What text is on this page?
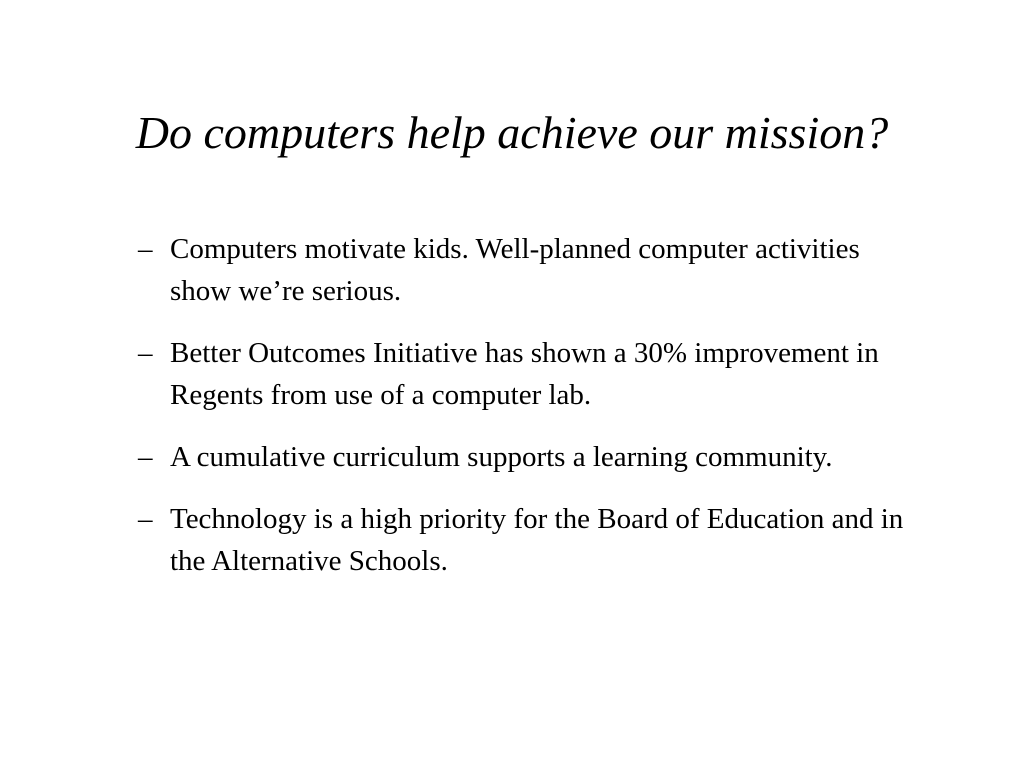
Do computers help achieve our mission?
– Computers motivate kids. Well-planned computer activities show we’re serious.
– Better Outcomes Initiative has shown a 30% improvement in Regents from use of a computer lab.
– A cumulative curriculum supports a learning community.
– Technology is a high priority for the Board of Education and in the Alternative Schools.
